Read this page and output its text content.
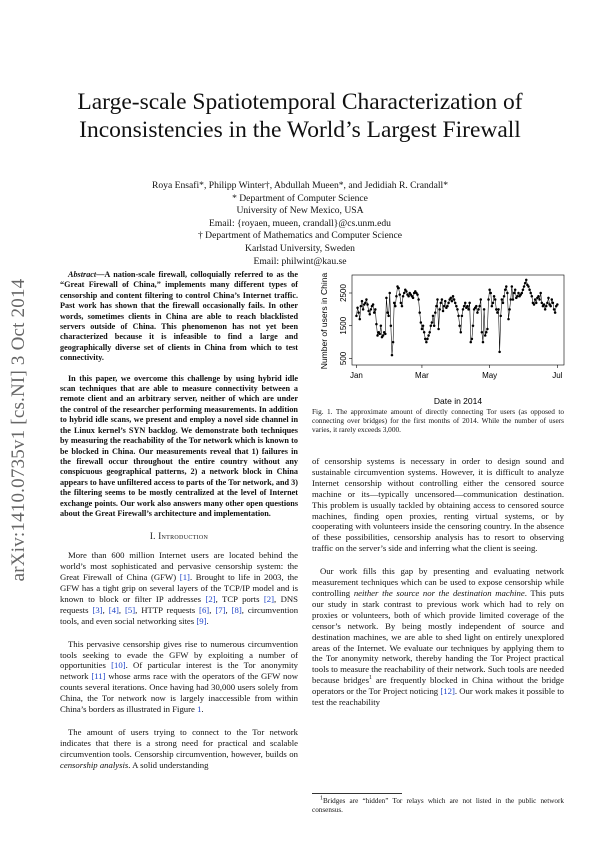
arXiv:1410.0735v1 [cs.NI] 3 Oct 2014
Large-scale Spatiotemporal Characterization of
Inconsistencies in the World’s Largest Firewall
Roya Ensafi*, Philipp Winter†, Abdullah Mueen*, and Jedidiah R. Crandall*
* Department of Computer Science
University of New Mexico, USA
Email: {royaen, mueen, crandall}@cs.unm.edu
† Department of Mathematics and Computer Science
Karlstad University, Sweden
Email: philwint@kau.se

Abstract—A nation-scale firewall, colloquially referred to as the “Great Firewall of China,” implements many different types of censorship and content filtering to control China’s Internet traffic. Past work has shown that the firewall occasionally fails. In other words, sometimes clients in China are able to reach blacklisted servers outside of China. This phenomenon has not yet been characterized because it is infeasible to find a large and geographically diverse set of clients in China from which to test connectivity.

In this paper, we overcome this challenge by using hybrid idle scan techniques that are able to measure connectivity between a remote client and an arbitrary server, neither of which are under the control of the researcher performing measurements. In addition to hybrid idle scans, we present and employ a novel side channel in the Linux kernel’s SYN backlog. We demonstrate both techniques by measuring the reachability of the Tor network which is known to be blocked in China. Our measurements reveal that 1) failures in the firewall occur throughout the entire country without any conspicuous geographical patterns, 2) a network block in China appears to have unfiltered access to parts of the Tor network, and 3) the filtering seems to be mostly centralized at the level of Internet exchange points. Our work also answers many other open questions about the Great Firewall’s architecture and implementation.

I. Introduction

More than 600 million Internet users are located behind the world’s most sophisticated and pervasive censorship system: the Great Firewall of China (GFW) [1]. Brought to life in 2003, the GFW has a tight grip on several layers of the TCP/IP model and is known to block or filter IP addresses [2], TCP ports [2], DNS requests [3], [4], [5], HTTP requests [6], [7], [8], circumvention tools, and even social networking sites [9].

This pervasive censorship gives rise to numerous circumvention tools seeking to evade the GFW by exploiting a number of opportunities [10]. Of particular interest is the Tor anonymity network [11] whose arms race with the operators of the GFW now counts several iterations. Once having had 30,000 users solely from China, the Tor network now is largely inaccessible from within China’s borders as illustrated in Figure 1.

The amount of users trying to connect to the Tor network indicates that there is a strong need for practical and scalable circumvention tools. Censorship circumvention, however, builds on censorship analysis. A solid understanding

500
1500
2500
Jan	Mar	May	Jul
Number of users in China
Date in 2014
Fig. 1. The approximate amount of directly connecting Tor users (as opposed to connecting over bridges) for the first months of 2014. While the number of users varies, it rarely exceeds 3,000.

of censorship systems is necessary in order to design sound and sustainable circumvention systems. However, it is difficult to analyze Internet censorship without controlling either the censored source machine or its—typically uncensored—communication destination. This problem is usually tackled by obtaining access to censored source machines, finding open proxies, renting virtual systems, or by cooperating with volunteers inside the censoring country. In the absence of these possibilities, censorship analysis has to resort to observing traffic on the server’s side and inferring what the client is seeing.

Our work fills this gap by presenting and evaluating network measurement techniques which can be used to expose censorship while controlling neither the source nor the destination machine. This puts our study in stark contrast to previous work which had to rely on proxies or volunteers, both of which provide limited coverage of the censor’s network. By being mostly independent of source and destination machines, we are able to shed light on entirely unexplored areas of the Internet. We evaluate our techniques by applying them to the Tor anonymity network, thereby handing the Tor Project practical tools to measure the reachability of their network. Such tools are needed because bridges$^1$ are frequently blocked in China without the bridge operators or the Tor Project noticing [12]. Our work makes it possible to test the reachability

$^1$Bridges are “hidden” Tor relays which are not listed in the public network consensus.
